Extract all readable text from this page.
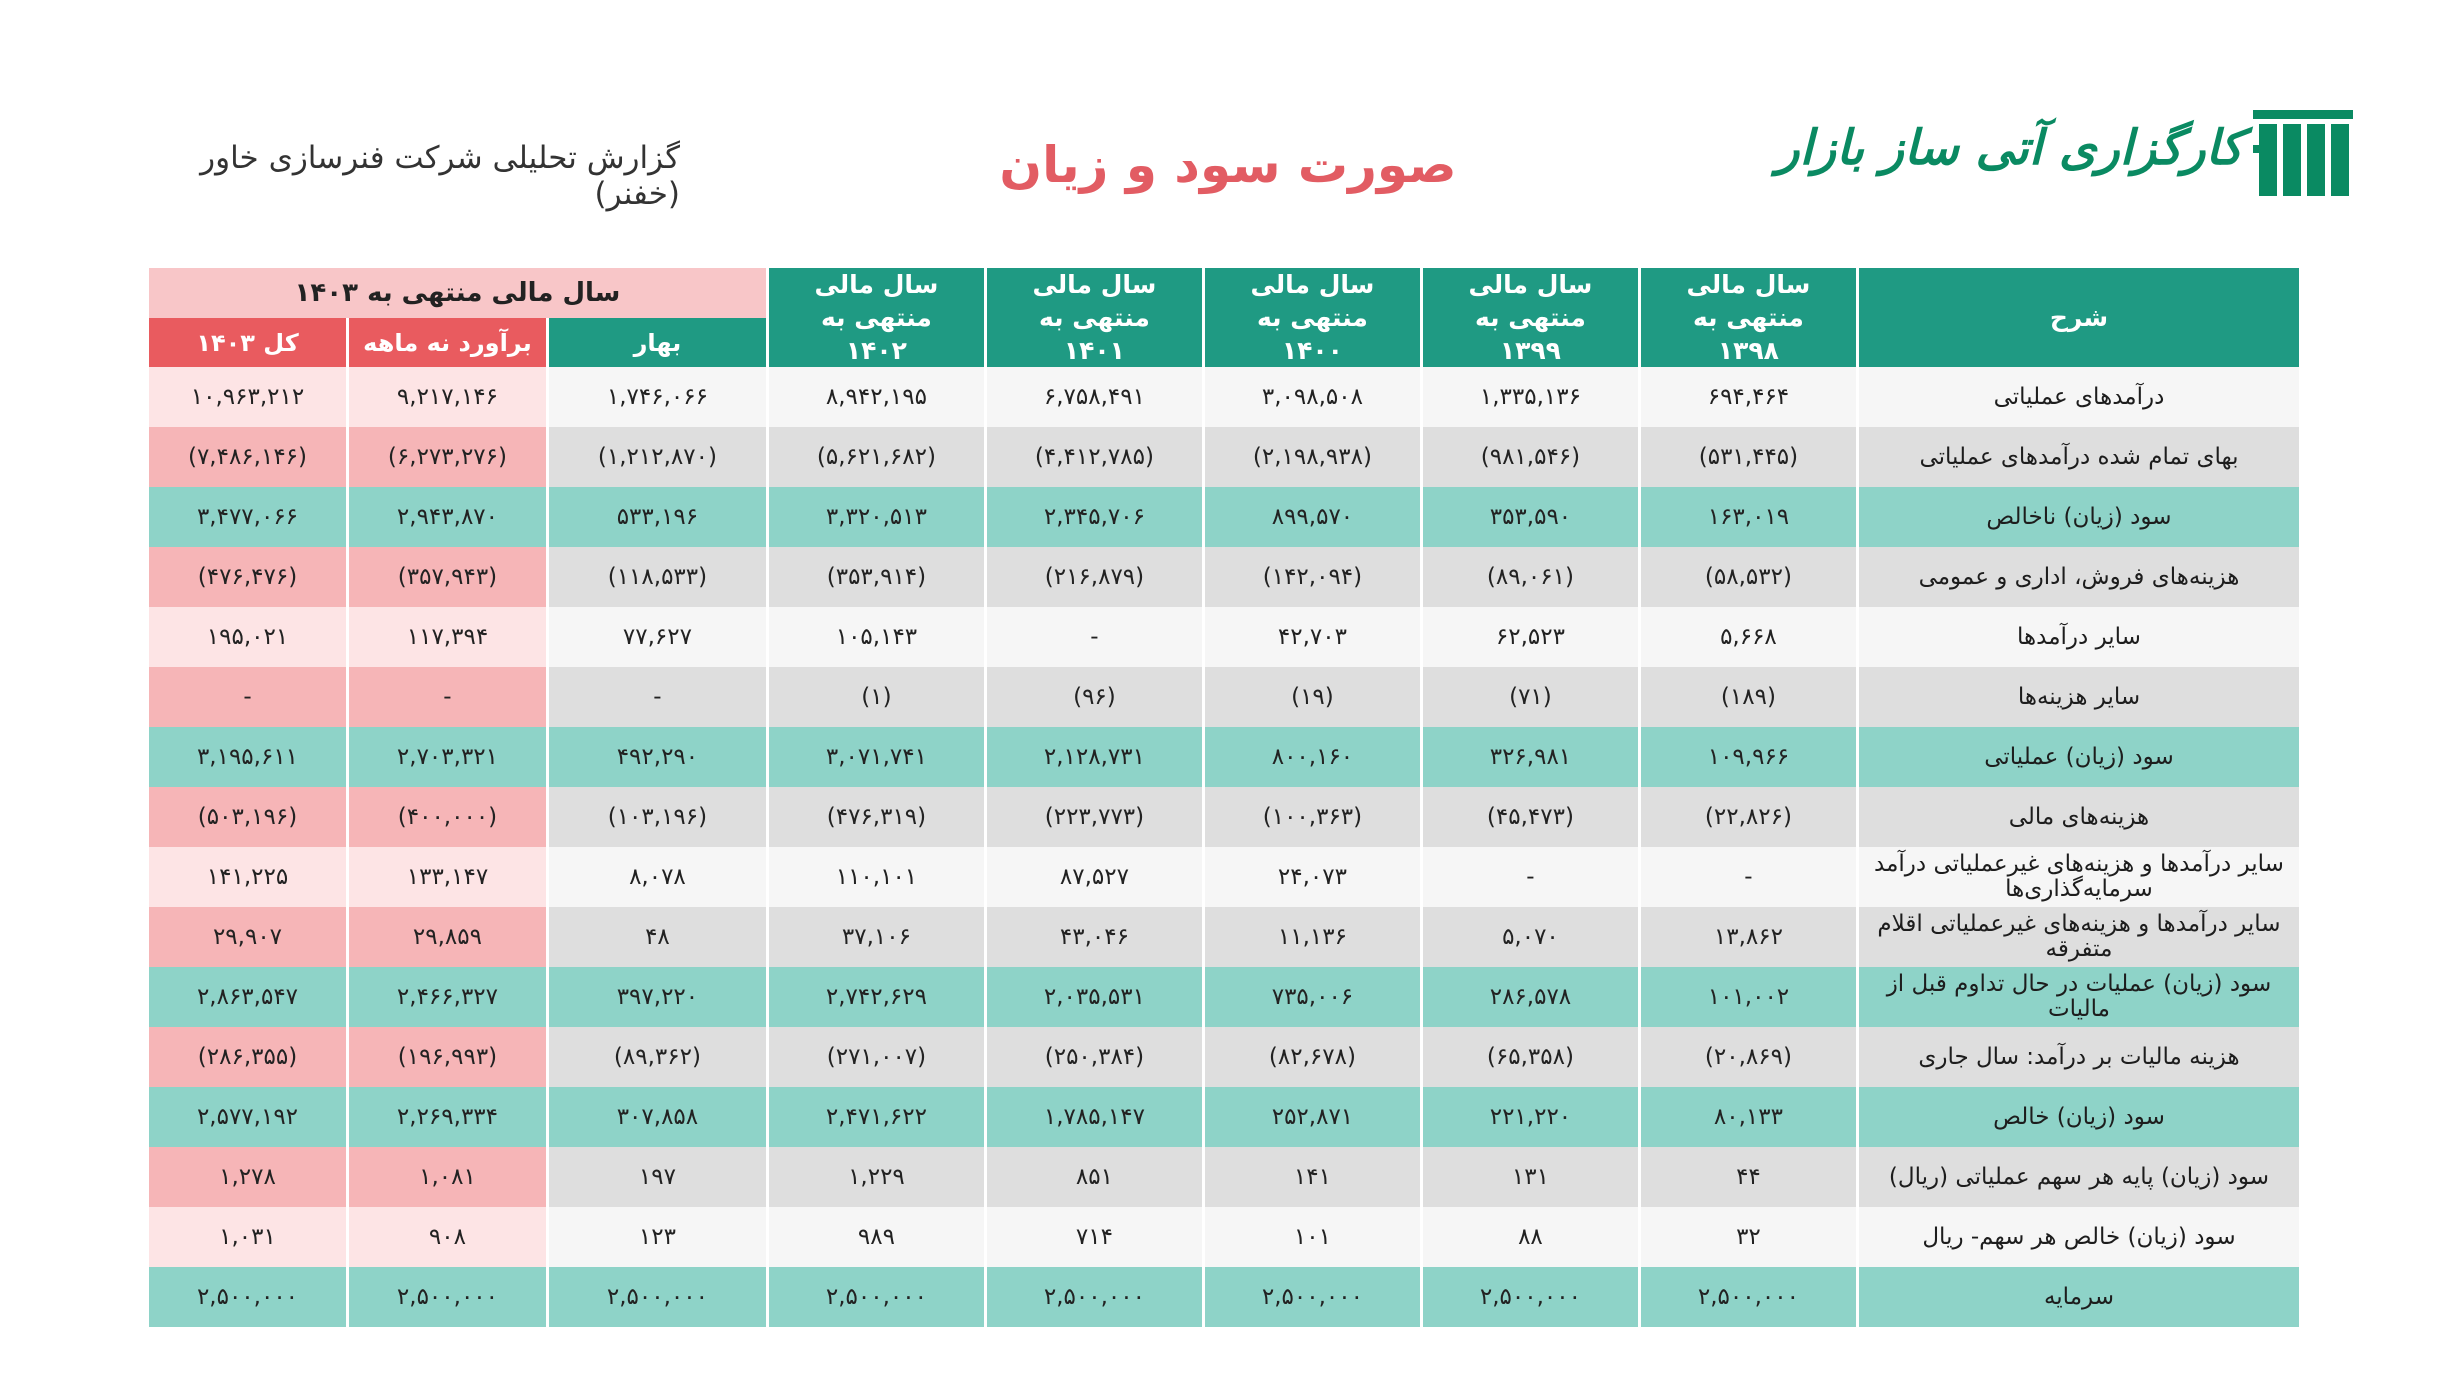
گزارش تحلیلی شرکت فنرسازی خاور (خفنر)	صورت سود و زیان	کارگزاری آتی ساز بازار
شرح	سال مالی منتهی به ۱۳۹۸	سال مالی منتهی به ۱۳۹۹	سال مالی منتهی به ۱۴۰۰	سال مالی منتهی به ۱۴۰۱	سال مالی منتهی به ۱۴۰۲	سال مالی منتهی به ۱۴۰۳		
						بهار	برآورد نه ماهه	کل ۱۴۰۳
درآمدهای عملیاتی	۶۹۴,۴۶۴	۱,۳۳۵,۱۳۶	۳,۰۹۸,۵۰۸	۶,۷۵۸,۴۹۱	۸,۹۴۲,۱۹۵	۱,۷۴۶,۰۶۶	۹,۲۱۷,۱۴۶	۱۰,۹۶۳,۲۱۲
بهای تمام شده درآمدهای عملیاتی	(۵۳۱,۴۴۵)	(۹۸۱,۵۴۶)	(۲,۱۹۸,۹۳۸)	(۴,۴۱۲,۷۸۵)	(۵,۶۲۱,۶۸۲)	(۱,۲۱۲,۸۷۰)	(۶,۲۷۳,۲۷۶)	(۷,۴۸۶,۱۴۶)
سود (زیان) ناخالص	۱۶۳,۰۱۹	۳۵۳,۵۹۰	۸۹۹,۵۷۰	۲,۳۴۵,۷۰۶	۳,۳۲۰,۵۱۳	۵۳۳,۱۹۶	۲,۹۴۳,۸۷۰	۳,۴۷۷,۰۶۶
هزینه‌های فروش، اداری و عمومی	(۵۸,۵۳۲)	(۸۹,۰۶۱)	(۱۴۲,۰۹۴)	(۲۱۶,۸۷۹)	(۳۵۳,۹۱۴)	(۱۱۸,۵۳۳)	(۳۵۷,۹۴۳)	(۴۷۶,۴۷۶)
سایر درآمدها	۵,۶۶۸	۶۲,۵۲۳	۴۲,۷۰۳	-	۱۰۵,۱۴۳	۷۷,۶۲۷	۱۱۷,۳۹۴	۱۹۵,۰۲۱
سایر هزینه‌ها	(۱۸۹)	(۷۱)	(۱۹)	(۹۶)	(۱)	-	-	-
سود (زیان) عملیاتی	۱۰۹,۹۶۶	۳۲۶,۹۸۱	۸۰۰,۱۶۰	۲,۱۲۸,۷۳۱	۳,۰۷۱,۷۴۱	۴۹۲,۲۹۰	۲,۷۰۳,۳۲۱	۳,۱۹۵,۶۱۱
هزینه‌های مالی	(۲۲,۸۲۶)	(۴۵,۴۷۳)	(۱۰۰,۳۶۳)	(۲۲۳,۷۷۳)	(۴۷۶,۳۱۹)	(۱۰۳,۱۹۶)	(۴۰۰,۰۰۰)	(۵۰۳,۱۹۶)
سایر درآمدها و هزینه‌های غیرعملیاتی درآمد سرمایه‌گذاری‌ها	-	-	۲۴,۰۷۳	۸۷,۵۲۷	۱۱۰,۱۰۱	۸,۰۷۸	۱۳۳,۱۴۷	۱۴۱,۲۲۵
سایر درآمدها و هزینه‌های غیرعملیاتی اقلام متفرقه	۱۳,۸۶۲	۵,۰۷۰	۱۱,۱۳۶	۴۳,۰۴۶	۳۷,۱۰۶	۴۸	۲۹,۸۵۹	۲۹,۹۰۷
سود (زیان) عملیات در حال تداوم قبل از مالیات	۱۰۱,۰۰۲	۲۸۶,۵۷۸	۷۳۵,۰۰۶	۲,۰۳۵,۵۳۱	۲,۷۴۲,۶۲۹	۳۹۷,۲۲۰	۲,۴۶۶,۳۲۷	۲,۸۶۳,۵۴۷
هزینه مالیات بر درآمد: سال جاری	(۲۰,۸۶۹)	(۶۵,۳۵۸)	(۸۲,۶۷۸)	(۲۵۰,۳۸۴)	(۲۷۱,۰۰۷)	(۸۹,۳۶۲)	(۱۹۶,۹۹۳)	(۲۸۶,۳۵۵)
سود (زیان) خالص	۸۰,۱۳۳	۲۲۱,۲۲۰	۲۵۲,۸۷۱	۱,۷۸۵,۱۴۷	۲,۴۷۱,۶۲۲	۳۰۷,۸۵۸	۲,۲۶۹,۳۳۴	۲,۵۷۷,۱۹۲
سود (زیان) پایه هر سهم عملیاتی (ریال)	۴۴	۱۳۱	۱۴۱	۸۵۱	۱,۲۲۹	۱۹۷	۱,۰۸۱	۱,۲۷۸
سود (زیان) خالص هر سهم- ریال	۳۲	۸۸	۱۰۱	۷۱۴	۹۸۹	۱۲۳	۹۰۸	۱,۰۳۱
سرمایه	۲,۵۰۰,۰۰۰	۲,۵۰۰,۰۰۰	۲,۵۰۰,۰۰۰	۲,۵۰۰,۰۰۰	۲,۵۰۰,۰۰۰	۲,۵۰۰,۰۰۰	۲,۵۰۰,۰۰۰	۲,۵۰۰,۰۰۰
